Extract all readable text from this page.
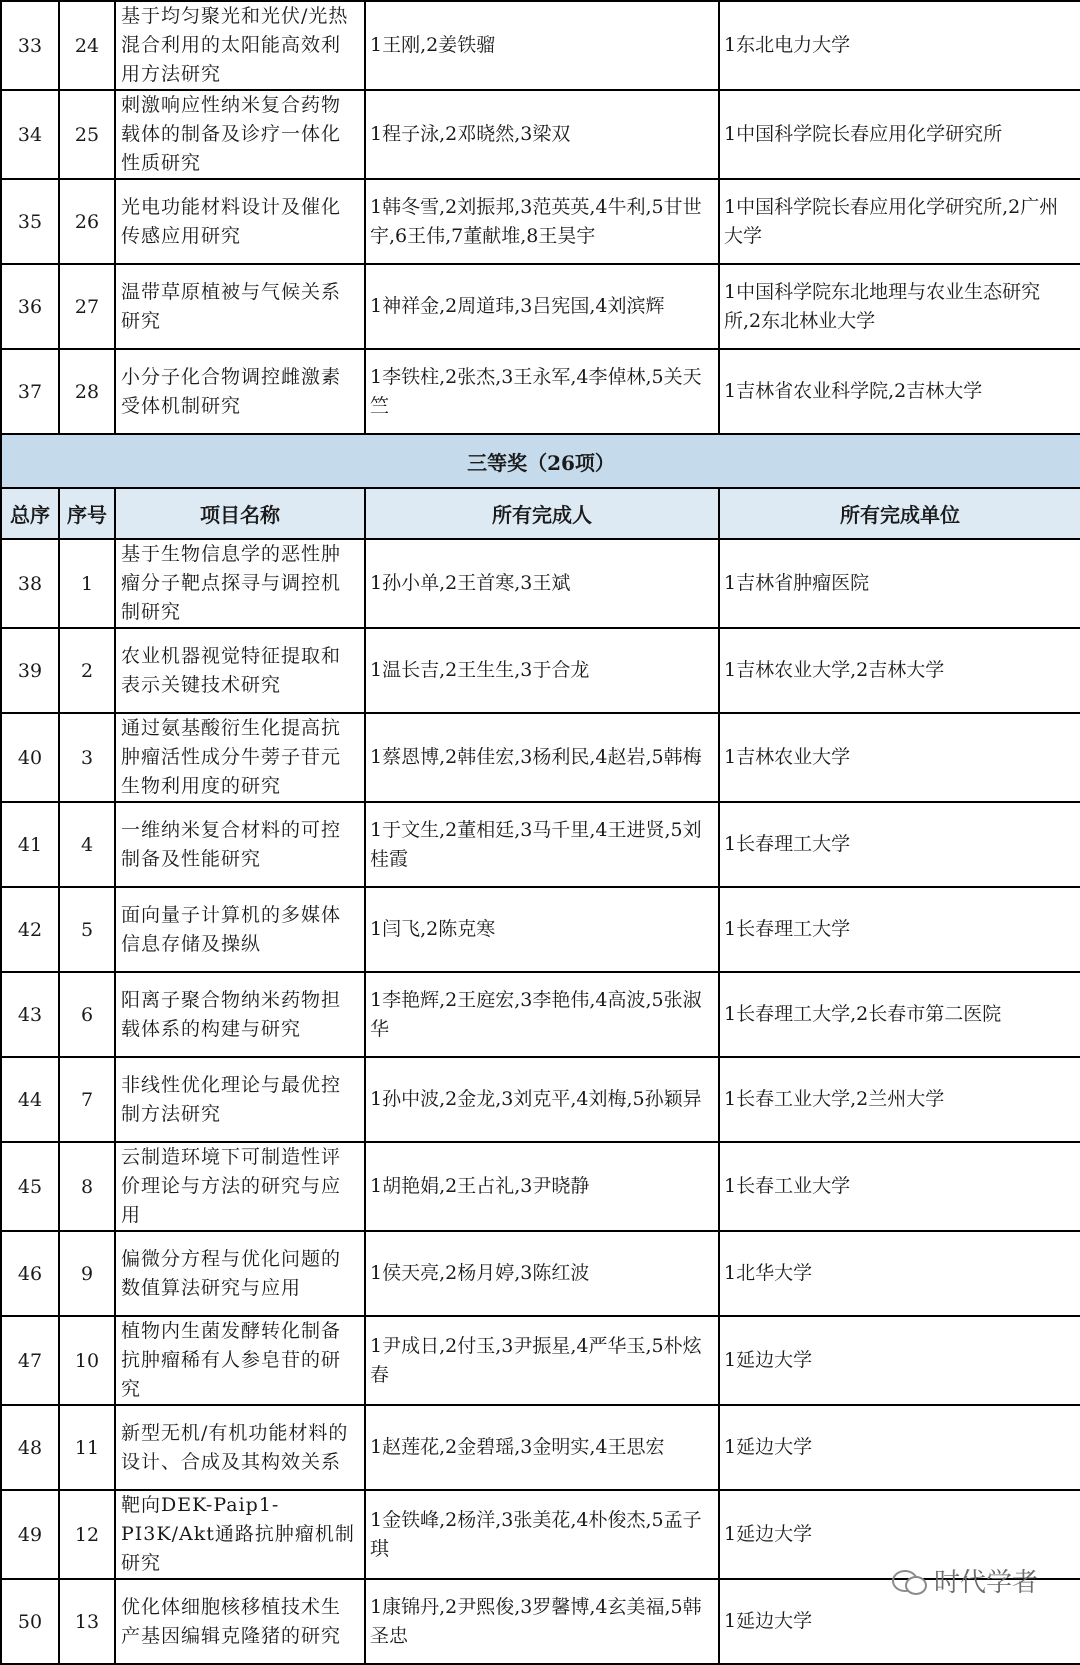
33	24	基于均匀聚光和光伏/光热混合利用的太阳能高效利用方法研究	1王刚,2姜铁骝	1东北电力大学
34	25	刺激响应性纳米复合药物载体的制备及诊疗一体化性质研究	1程子泳,2邓晓然,3梁双	1中国科学院长春应用化学研究所
35	26	光电功能材料设计及催化传感应用研究	1韩冬雪,2刘振邦,3范英英,4牛利,5甘世宇,6王伟,7董献堆,8王昊宇	1中国科学院长春应用化学研究所,2广州大学
36	27	温带草原植被与气候关系研究	1神祥金,2周道玮,3吕宪国,4刘滨辉	1中国科学院东北地理与农业生态研究所,2东北林业大学
37	28	小分子化合物调控雌激素受体机制研究	1李铁柱,2张杰,3王永军,4李倬林,5关天竺	1吉林省农业科学院,2吉林大学
三等奖（26项）				
总序	序号	项目名称	所有完成人	所有完成单位
38	1	基于生物信息学的恶性肿瘤分子靶点探寻与调控机制研究	1孙小单,2王首寒,3王斌	1吉林省肿瘤医院
39	2	农业机器视觉特征提取和表示关键技术研究	1温长吉,2王生生,3于合龙	1吉林农业大学,2吉林大学
40	3	通过氨基酸衍生化提高抗肿瘤活性成分牛蒡子苷元生物利用度的研究	1蔡恩博,2韩佳宏,3杨利民,4赵岩,5韩梅	1吉林农业大学
41	4	一维纳米复合材料的可控制备及性能研究	1于文生,2董相廷,3马千里,4王进贤,5刘桂霞	1长春理工大学
42	5	面向量子计算机的多媒体信息存储及操纵	1闫飞,2陈克寒	1长春理工大学
43	6	阳离子聚合物纳米药物担载体系的构建与研究	1李艳辉,2王庭宏,3李艳伟,4高波,5张淑华	1长春理工大学,2长春市第二医院
44	7	非线性优化理论与最优控制方法研究	1孙中波,2金龙,3刘克平,4刘梅,5孙颖异	1长春工业大学,2兰州大学
45	8	云制造环境下可制造性评价理论与方法的研究与应用	1胡艳娟,2王占礼,3尹晓静	1长春工业大学
46	9	偏微分方程与优化问题的数值算法研究与应用	1侯天亮,2杨月婷,3陈红波	1北华大学
47	10	植物内生菌发酵转化制备抗肿瘤稀有人参皂苷的研究	1尹成日,2付玉,3尹振星,4严华玉,5朴炫春	1延边大学
48	11	新型无机/有机功能材料的设计、合成及其构效关系	1赵莲花,2金碧瑶,3金明实,4王思宏	1延边大学
49	12	靶向DEK-Paip1-PI3K/Akt通路抗肿瘤机制研究	1金铁峰,2杨洋,3张美花,4朴俊杰,5孟子琪	1延边大学
50	13	优化体细胞核移植技术生产基因编辑克隆猪的研究	1康锦丹,2尹熙俊,3罗馨博,4玄美福,5韩圣忠	1延边大学
时代学者
